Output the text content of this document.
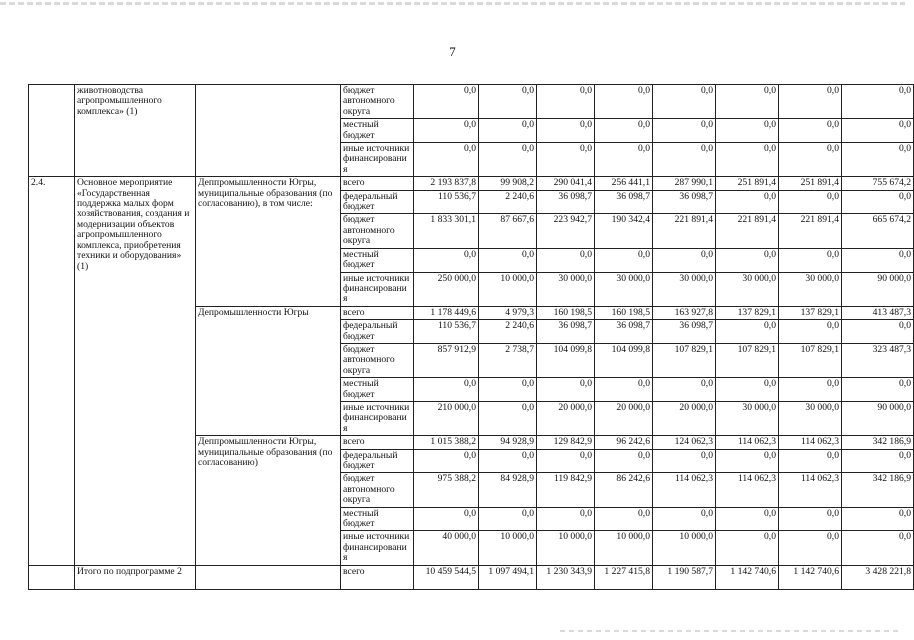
7
	животноводства агропромышленного комплекса» (1)		бюджет автономного округа	0,0	0,0	0,0	0,0	0,0	0,0	0,0	0,0
			местный бюджет	0,0	0,0	0,0	0,0	0,0	0,0	0,0	0,0
			иные источники финансировани я	0,0	0,0	0,0	0,0	0,0	0,0	0,0	0,0
2.4.	Основное мероприятие «Государственная поддержка малых форм хозяйствования, создания и модернизации объектов агропромышленного комплекса, приобретения техники и оборудования» (1)	Деппромышленности Югры, муниципальные образования (по согласованию), в том числе:	всего	2 193 837,8	99 908,2	290 041,4	256 441,1	287 990,1	251 891,4	251 891,4	755 674,2
			федеральный бюджет	110 536,7	2 240,6	36 098,7	36 098,7	36 098,7	0,0	0,0	0,0
			бюджет автономного округа	1 833 301,1	87 667,6	223 942,7	190 342,4	221 891,4	221 891,4	221 891,4	665 674,2
			местный бюджет	0,0	0,0	0,0	0,0	0,0	0,0	0,0	0,0
			иные источники финансировани я	250 000,0	10 000,0	30 000,0	30 000,0	30 000,0	30 000,0	30 000,0	90 000,0
		Депромышленности Югры	всего	1 178 449,6	4 979,3	160 198,5	160 198,5	163 927,8	137 829,1	137 829,1	413 487,3
			федеральный бюджет	110 536,7	2 240,6	36 098,7	36 098,7	36 098,7	0,0	0,0	0,0
			бюджет автономного округа	857 912,9	2 738,7	104 099,8	104 099,8	107 829,1	107 829,1	107 829,1	323 487,3
			местный бюджет	0,0	0,0	0,0	0,0	0,0	0,0	0,0	0,0
			иные источники финансировани я	210 000,0	0,0	20 000,0	20 000,0	20 000,0	30 000,0	30 000,0	90 000,0
		Деппромышленности Югры, муниципальные образования (по согласованию)	всего	1 015 388,2	94 928,9	129 842,9	96 242,6	124 062,3	114 062,3	114 062,3	342 186,9
			федеральный бюджет	0,0	0,0	0,0	0,0	0,0	0,0	0,0	0,0
			бюджет автономного округа	975 388,2	84 928,9	119 842,9	86 242,6	114 062,3	114 062,3	114 062,3	342 186,9
			местный бюджет	0,0	0,0	0,0	0,0	0,0	0,0	0,0	0,0
			иные источники финансировани я	40 000,0	10 000,0	10 000,0	10 000,0	10 000,0	0,0	0,0	0,0
	Итого по подпрограмме 2		всего	10 459 544,5	1 097 494,1	1 230 343,9	1 227 415,8	1 190 587,7	1 142 740,6	1 142 740,6	3 428 221,8
